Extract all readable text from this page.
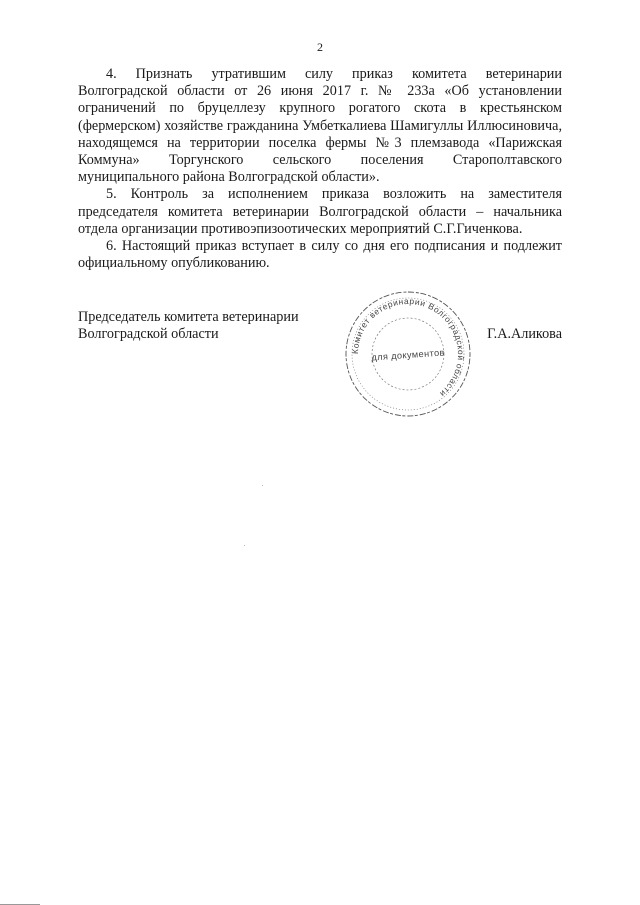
2

4. Признать утратившим силу приказ комитета ветеринарии Волгоградской области от 26 июня 2017 г. № 233а «Об установлении ограничений по бруцеллезу крупного рогатого скота в крестьянском (фермерском) хозяйстве гражданина Умбеткалиева Шамигуллы Иллюсиновича, находящемся на территории поселка фермы №3 племзавода «Парижская Коммуна» Торгунского сельского поселения Старополтавского муниципального района Волгоградской области».

5. Контроль за исполнением приказа возложить на заместителя председателя комитета ветеринарии Волгоградской области – начальника отдела организации противоэпизоотических мероприятий С.Г.Гиченкова.

6. Настоящий приказ вступает в силу со дня его подписания и подлежит официальному опубликованию.

Председатель комитета ветеринарии
Волгоградской области	Г.А.Аликова
Комитет ветеринарии Волгоградской области
для документов
